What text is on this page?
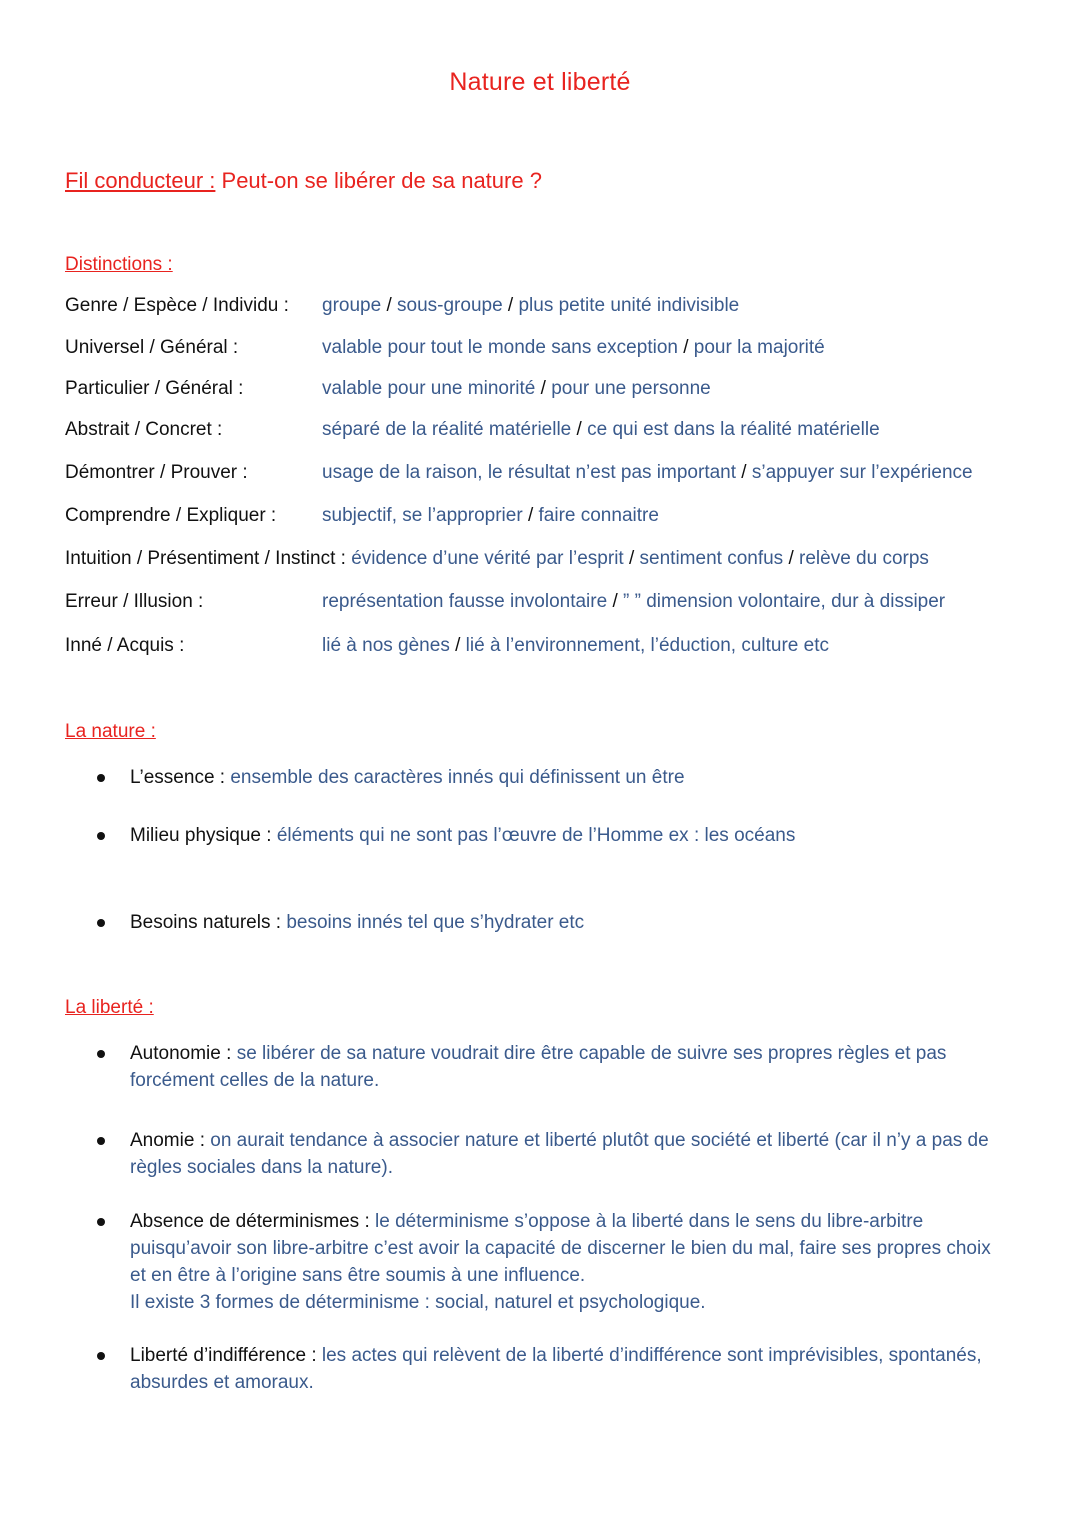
Nature et liberté
Fil conducteur : Peut-on se libérer de sa nature ?
Distinctions :
Genre / Espèce / Individu : groupe / sous-groupe / plus petite unité indivisible
Universel / Général :	valable pour tout le monde sans exception / pour la majorité
Particulier / Général :	valable pour une minorité / pour une personne
Abstrait / Concret :	séparé de la réalité matérielle / ce qui est dans la réalité matérielle
Démontrer / Prouver :	usage de la raison, le résultat n’est pas important / s’appuyer sur l’expérience
Comprendre / Expliquer : subjectif, se l’approprier / faire connaitre
Intuition / Présentiment / Instinct : évidence d’une vérité par l’esprit / sentiment confus / relève du corps
Erreur / Illusion :	représentation fausse involontaire / ” ” dimension volontaire, dur à dissiper
Inné / Acquis :	lié à nos gènes / lié à l’environnement, l’éduction, culture etc
La nature :
L’essence : ensemble des caractères innés qui définissent un être
Milieu physique : éléments qui ne sont pas l’œuvre de l’Homme ex : les océans
Besoins naturels : besoins innés tel que s’hydrater etc
La liberté :
Autonomie : se libérer de sa nature voudrait dire être capable de suivre ses propres règles et pas forcément celles de la nature.
Anomie : on aurait tendance à associer nature et liberté plutôt que société et liberté (car il n’y a pas de règles sociales dans la nature).
Absence de déterminismes : le déterminisme s’oppose à la liberté dans le sens du libre-arbitre puisqu’avoir son libre-arbitre c’est avoir la capacité de discerner le bien du mal, faire ses propres choix et en être à l’origine sans être soumis à une influence.
Il existe 3 formes de déterminisme : social, naturel et psychologique.
Liberté d’indifférence : les actes qui relèvent de la liberté d’indifférence sont imprévisibles, spontanés, absurdes et amoraux.
